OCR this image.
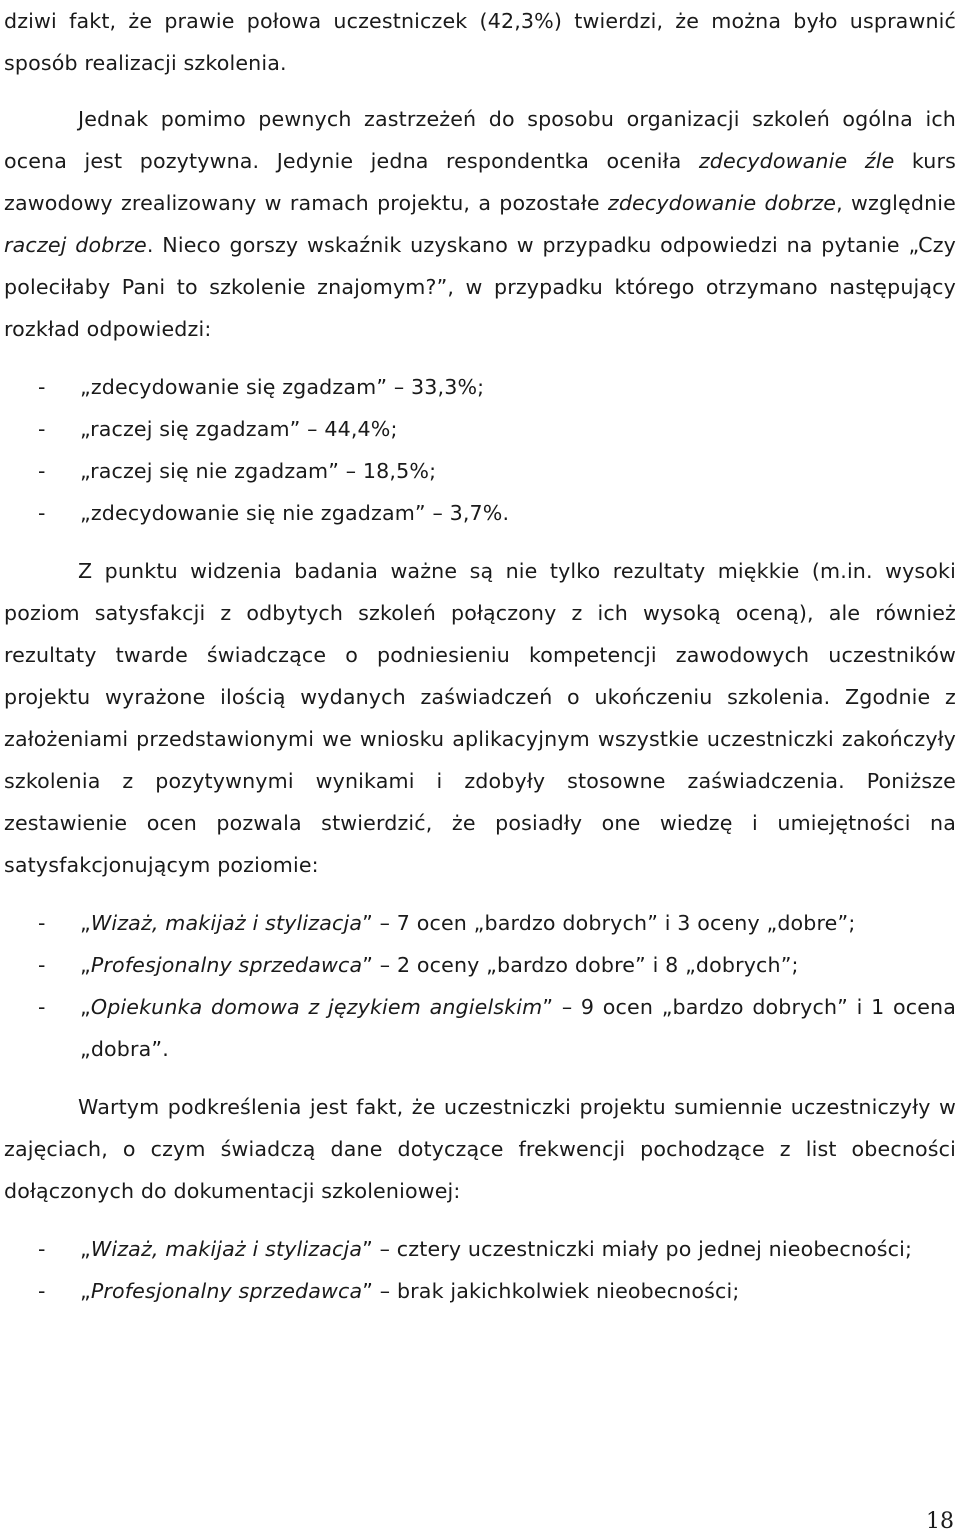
dziwi fakt, że prawie połowa uczestniczek (42,3%) twierdzi, że można było usprawnić sposób realizacji szkolenia.

Jednak pomimo pewnych zastrzeżeń do sposobu organizacji szkoleń ogólna ich ocena jest pozytywna. Jedynie jedna respondentka oceniła zdecydowanie źle kurs zawodowy zrealizowany w ramach projektu, a pozostałe zdecydowanie dobrze, względnie raczej dobrze. Nieco gorszy wskaźnik uzyskano w przypadku odpowiedzi na pytanie „Czy poleciłaby Pani to szkolenie znajomym?”, w przypadku którego otrzymano następujący rozkład odpowiedzi:

- „zdecydowanie się zgadzam” – 33,3%;
- „raczej się zgadzam” – 44,4%;
- „raczej się nie zgadzam” – 18,5%;
- „zdecydowanie się nie zgadzam” – 3,7%.

Z punktu widzenia badania ważne są nie tylko rezultaty miękkie (m.in. wysoki poziom satysfakcji z odbytych szkoleń połączony z ich wysoką oceną), ale również rezultaty twarde świadczące o podniesieniu kompetencji zawodowych uczestników projektu wyrażone ilością wydanych zaświadczeń o ukończeniu szkolenia. Zgodnie z założeniami przedstawionymi we wniosku aplikacyjnym wszystkie uczestniczki zakończyły szkolenia z pozytywnymi wynikami i zdobyły stosowne zaświadczenia. Poniższe zestawienie ocen pozwala stwierdzić, że posiadły one wiedzę i umiejętności na satysfakcjonującym poziomie:

- „Wizaż, makijaż i stylizacja” – 7 ocen „bardzo dobrych” i 3 oceny „dobre”;
- „Profesjonalny sprzedawca” – 2 oceny „bardzo dobre” i 8 „dobrych”;
- „Opiekunka domowa z językiem angielskim” – 9 ocen „bardzo dobrych” i 1 ocena „dobra”.

Wartym podkreślenia jest fakt, że uczestniczki projektu sumiennie uczestniczyły w zajęciach, o czym świadczą dane dotyczące frekwencji pochodzące z list obecności dołączonych do dokumentacji szkoleniowej:

- „Wizaż, makijaż i stylizacja” – cztery uczestniczki miały po jednej nieobecności;
- „Profesjonalny sprzedawca” – brak jakichkolwiek nieobecności;
18
